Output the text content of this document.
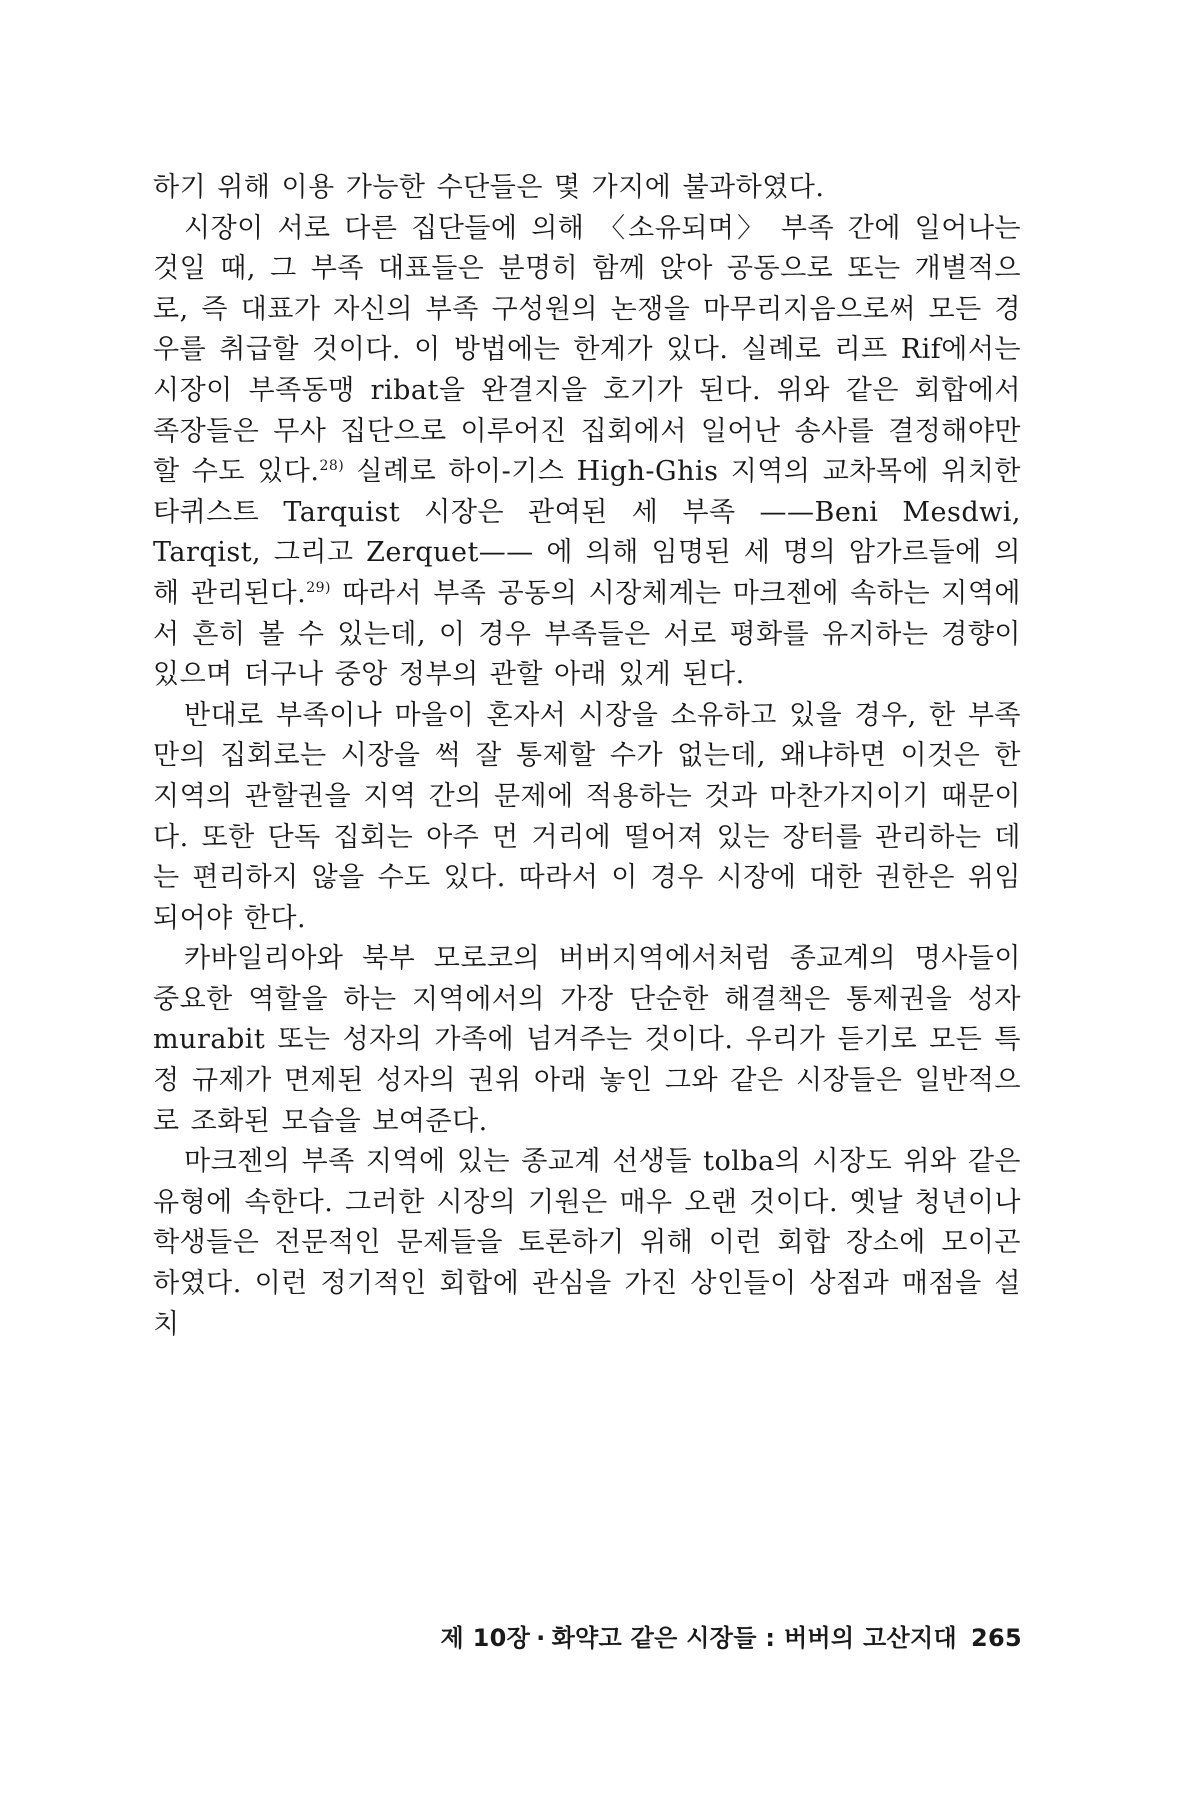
하기 위해 이용 가능한 수단들은 몇 가지에 불과하였다.

시장이 서로 다른 집단들에 의해 〈소유되며〉 부족 간에 일어나는 것일 때, 그 부족 대표들은 분명히 함께 앉아 공동으로 또는 개별적으로, 즉 대표가 자신의 부족 구성원의 논쟁을 마무리지음으로써 모든 경우를 취급할 것이다. 이 방법에는 한계가 있다. 실례로 리프 Rif에서는 시장이 부족동맹 ribat을 완결지을 호기가 된다. 위와 같은 회합에서 족장들은 무사 집단으로 이루어진 집회에서 일어난 송사를 결정해야만 할 수도 있다.$^{28)}$ 실례로 하이-기스 High-Ghis 지역의 교차목에 위치한 타퀴스트 Tarquist 시장은 관여된 세 부족 ——Beni Mesdwi, Tarqist, 그리고 Zerquet—— 에 의해 임명된 세 명의 암가르들에 의해 관리된다.$^{29)}$ 따라서 부족 공동의 시장체계는 마크젠에 속하는 지역에서 흔히 볼 수 있는데, 이 경우 부족들은 서로 평화를 유지하는 경향이 있으며 더구나 중앙 정부의 관할 아래 있게 된다.

반대로 부족이나 마을이 혼자서 시장을 소유하고 있을 경우, 한 부족만의 집회로는 시장을 썩 잘 통제할 수가 없는데, 왜냐하면 이것은 한 지역의 관할권을 지역 간의 문제에 적용하는 것과 마찬가지이기 때문이다. 또한 단독 집회는 아주 먼 거리에 떨어져 있는 장터를 관리하는 데는 편리하지 않을 수도 있다. 따라서 이 경우 시장에 대한 권한은 위임되어야 한다.

카바일리아와 북부 모로코의 버버지역에서처럼 종교계의 명사들이 중요한 역할을 하는 지역에서의 가장 단순한 해결책은 통제권을 성자 murabit 또는 성자의 가족에 넘겨주는 것이다. 우리가 듣기로 모든 특정 규제가 면제된 성자의 권위 아래 놓인 그와 같은 시장들은 일반적으로 조화된 모습을 보여준다.

마크젠의 부족 지역에 있는 종교계 선생들 tolba의 시장도 위와 같은 유형에 속한다. 그러한 시장의 기원은 매우 오랜 것이다. 옛날 청년이나 학생들은 전문적인 문제들을 토론하기 위해 이런 회합 장소에 모이곤 하였다. 이런 정기적인 회합에 관심을 가진 상인들이 상점과 매점을 설치

제 10장 · 화약고 같은 시장들 : 버버의 고산지대 265
